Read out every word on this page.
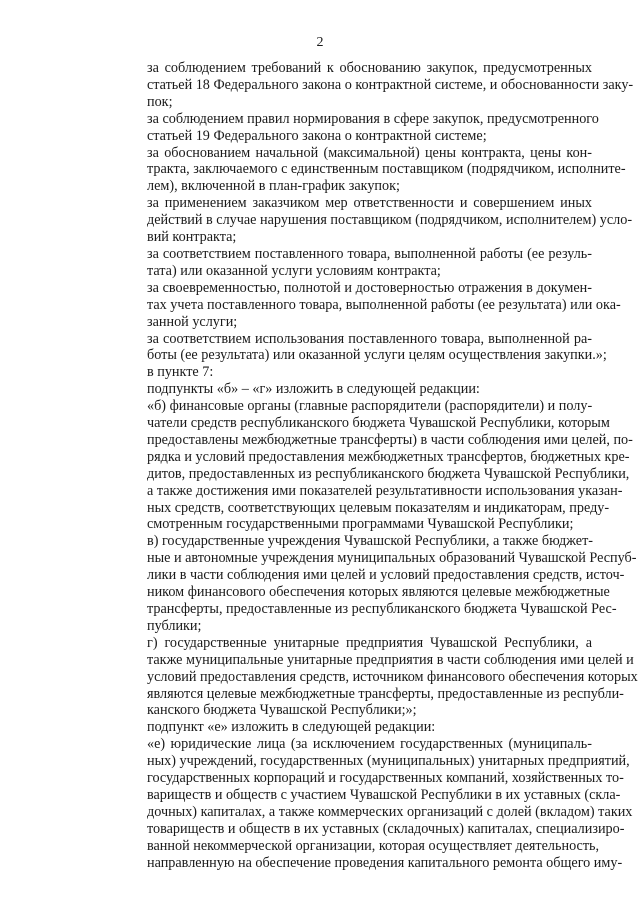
2

за соблюдением требований к обоснованию закупок, предусмотренных
статьей 18 Федерального закона о контрактной системе, и обоснованности заку-
пок;

за соблюдением правил нормирования в сфере закупок, предусмотренного
статьей 19 Федерального закона о контрактной системе;

за обоснованием начальной (максимальной) цены контракта, цены кон-
тракта, заключаемого с единственным поставщиком (подрядчиком, исполните-
лем), включенной в план-график закупок;

за применением заказчиком мер ответственности и совершением иных
действий в случае нарушения поставщиком (подрядчиком, исполнителем) усло-
вий контракта;

за соответствием поставленного товара, выполненной работы (ее резуль-
тата) или оказанной услуги условиям контракта;

за своевременностью, полнотой и достоверностью отражения в докумен-
тах учета поставленного товара, выполненной работы (ее результата) или ока-
занной услуги;

за соответствием использования поставленного товара, выполненной ра-
боты (ее результата) или оказанной услуги целям осуществления закупки.»;

в пункте 7:

подпункты «б» – «г» изложить в следующей редакции:

«б) финансовые органы (главные распорядители (распорядители) и полу-
чатели средств республиканского бюджета Чувашской Республики, которым
предоставлены межбюджетные трансферты) в части соблюдения ими целей, по-
рядка и условий предоставления межбюджетных трансфертов, бюджетных кре-
дитов, предоставленных из республиканского бюджета Чувашской Республики,
а также достижения ими показателей результативности использования указан-
ных средств, соответствующих целевым показателям и индикаторам, преду-
смотренным государственными программами Чувашской Республики;

в) государственные учреждения Чувашской Республики, а также бюджет-
ные и автономные учреждения муниципальных образований Чувашской Респуб-
лики в части соблюдения ими целей и условий предоставления средств, источ-
ником финансового обеспечения которых являются целевые межбюджетные
трансферты, предоставленные из республиканского бюджета Чувашской Рес-
публики;

г) государственные унитарные предприятия Чувашской Республики, а
также муниципальные унитарные предприятия в части соблюдения ими целей и
условий предоставления средств, источником финансового обеспечения которых
являются целевые межбюджетные трансферты, предоставленные из республи-
канского бюджета Чувашской Республики;»;

подпункт «е» изложить в следующей редакции:

«е) юридические лица (за исключением государственных (муниципаль-
ных) учреждений, государственных (муниципальных) унитарных предприятий,
государственных корпораций и государственных компаний, хозяйственных то-
вариществ и обществ с участием Чувашской Республики в их уставных (скла-
дочных) капиталах, а также коммерческих организаций с долей (вкладом) таких
товариществ и обществ в их уставных (складочных) капиталах, специализиро-
ванной некоммерческой организации, которая осуществляет деятельность,
направленную на обеспечение проведения капитального ремонта общего иму-
